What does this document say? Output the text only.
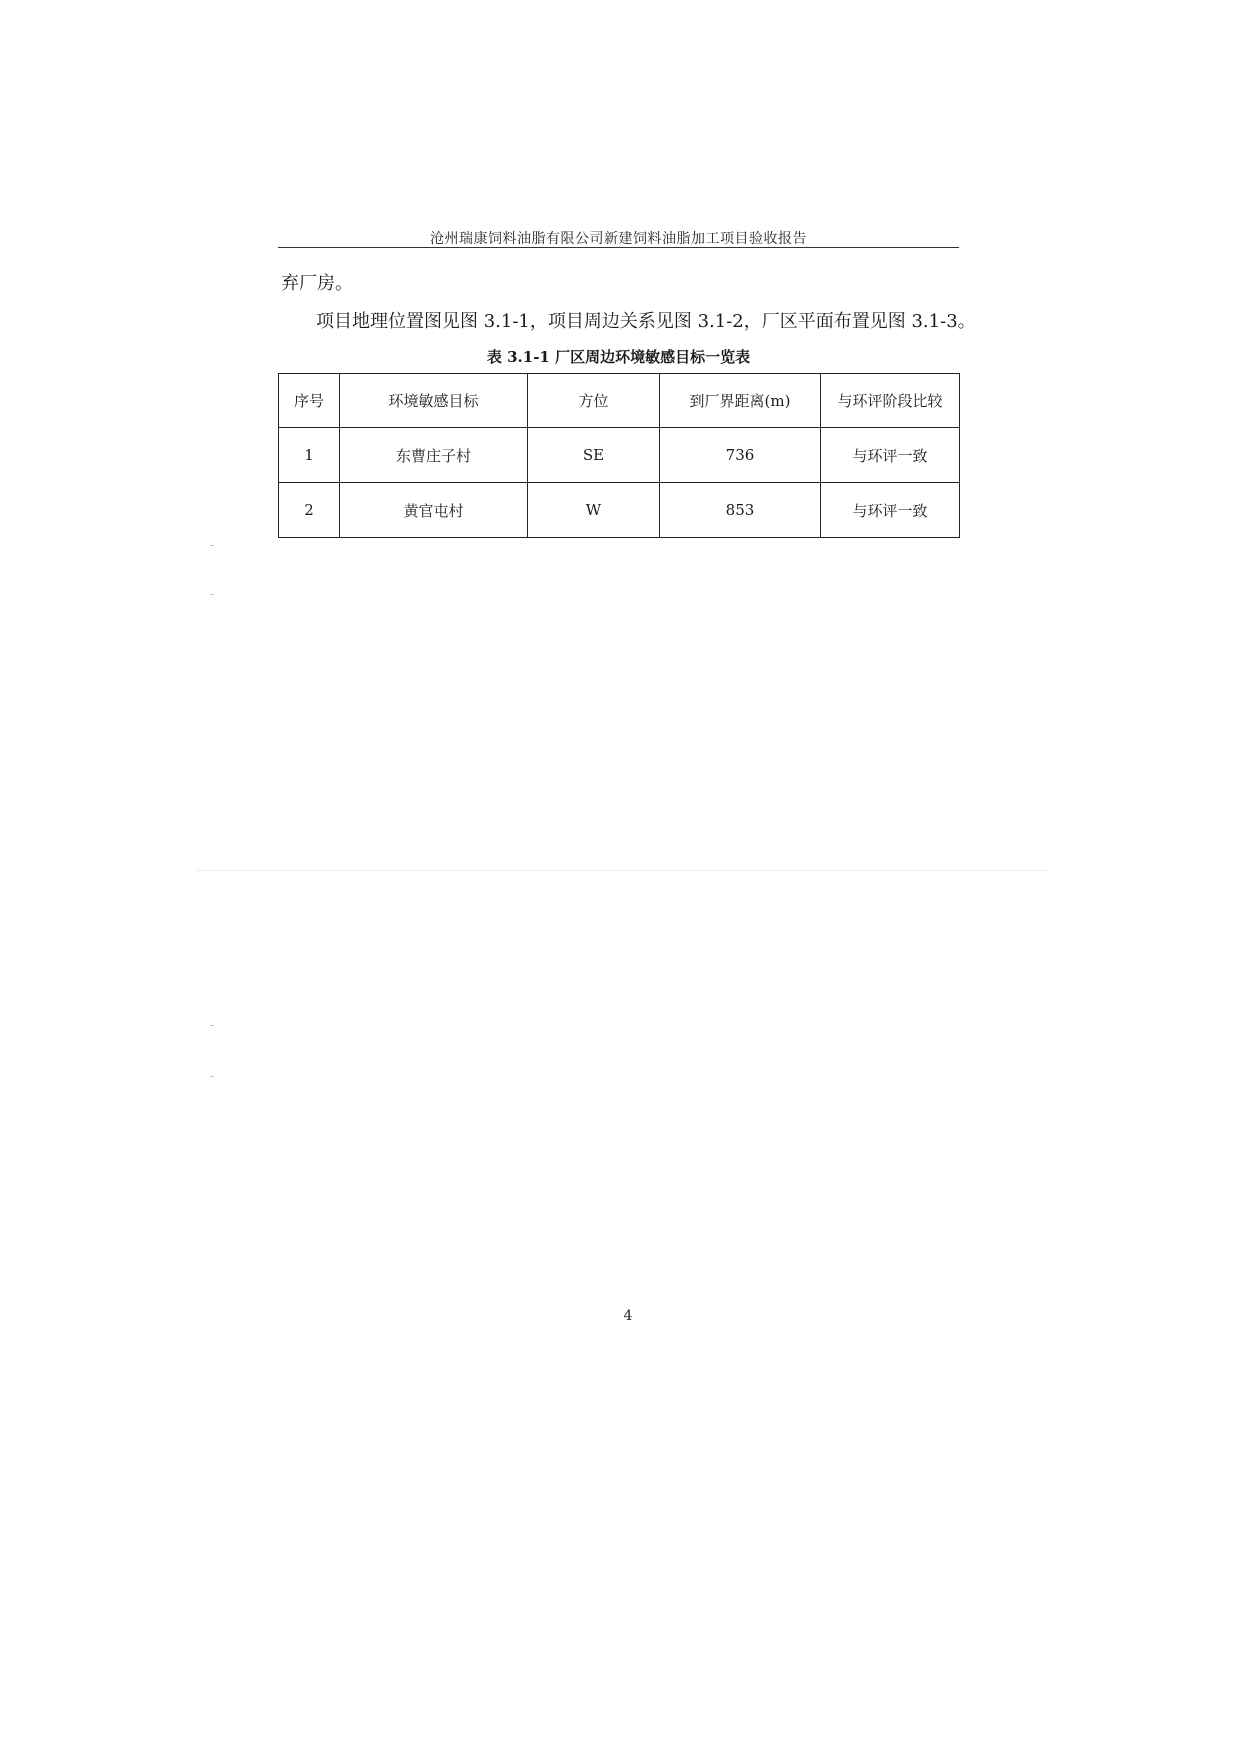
沧州瑞康饲料油脂有限公司新建饲料油脂加工项目验收报告
弃厂房。
项目地理位置图见图 3.1-1，项目周边关系见图 3.1-2，厂区平面布置见图 3.1-3。
表 3.1-1 厂区周边环境敏感目标一览表
序号	环境敏感目标	方位	到厂界距离(m)	与环评阶段比较
1	东曹庄子村	SE	736	与环评一致
2	黄官屯村	W	853	与环评一致
4
